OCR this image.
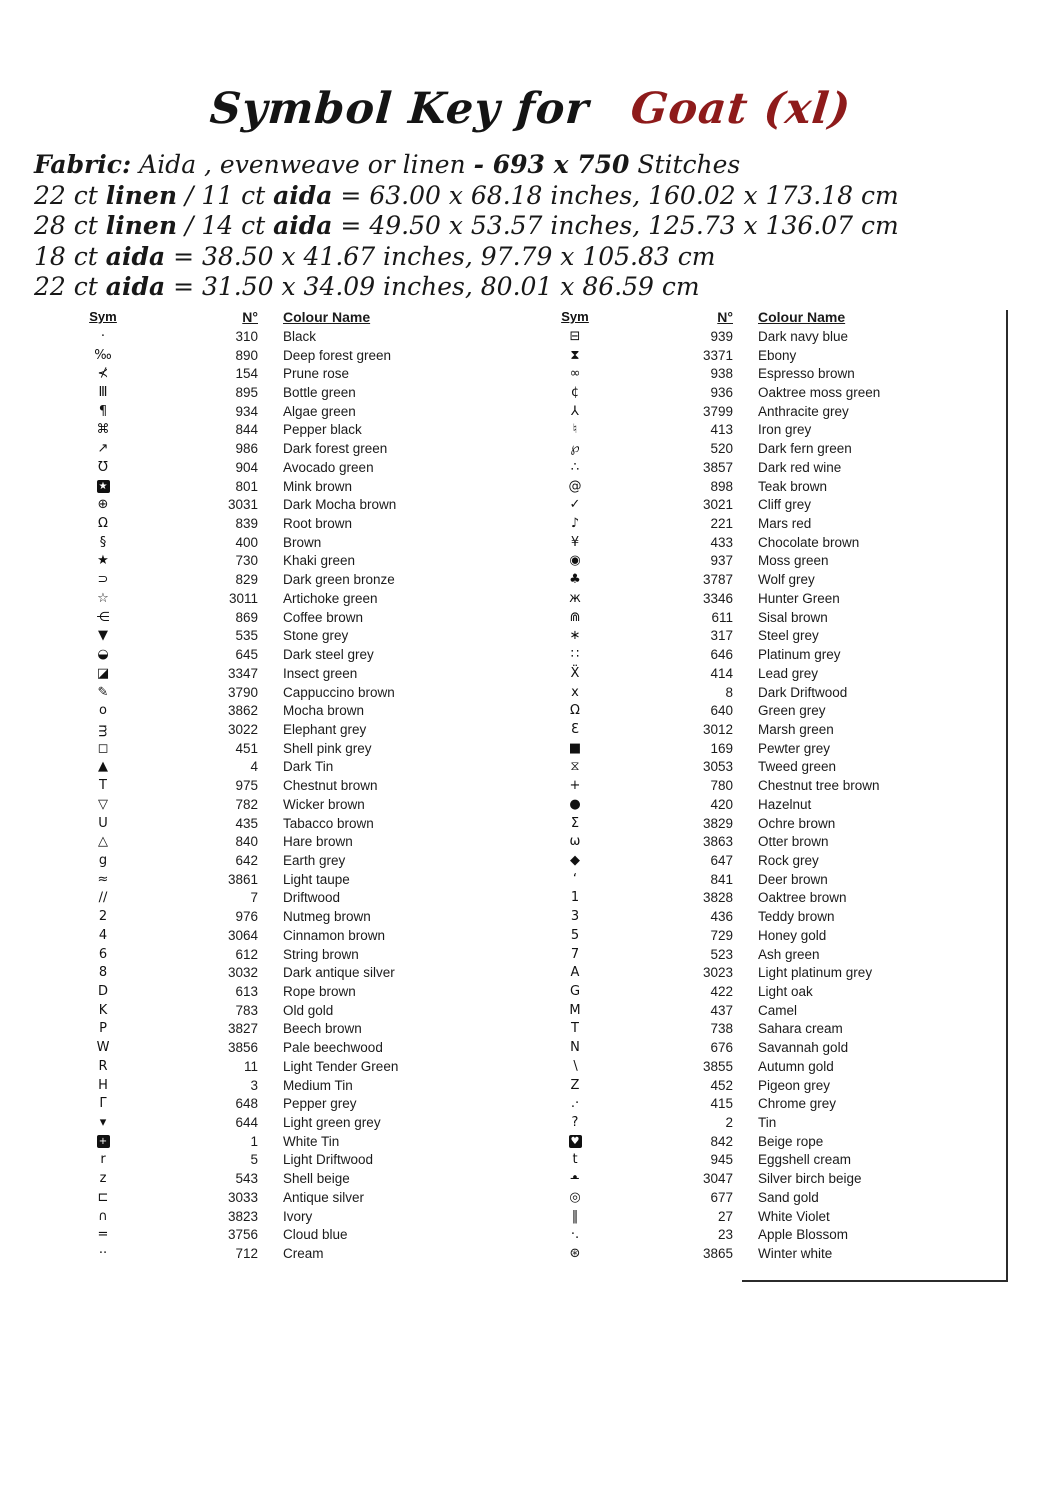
Symbol Key for Goat (xl)
Fabric: Aida , evenweave or linen - 693 x 750 Stitches
22 ct linen / 11 ct aida = 63.00 x 68.18 inches, 160.02 x 173.18 cm
28 ct linen / 14 ct aida = 49.50 x 53.57 inches, 125.73 x 136.07 cm
18 ct aida = 38.50 x 41.67 inches, 97.79 x 105.83 cm
22 ct aida = 31.50 x 34.09 inches, 80.01 x 86.59 cm
Sym	N°	Colour Name
·	310	Black
‰	890	Deep forest green
⊀	154	Prune rose
Ⅲ	895	Bottle green
¶	934	Algae green
⌘	844	Pepper black
↗	986	Dark forest green
Ʊ	904	Avocado green
★	801	Mink brown
⊕	3031	Dark Mocha brown
Ω	839	Root brown
§	400	Brown
★	730	Khaki green
⊃	829	Dark green bronze
☆	3011	Artichoke green
⋲	869	Coffee brown
▼	535	Stone grey
◒	645	Dark steel grey
◪	3347	Insect green
✎	3790	Cappuccino brown
o	3862	Mocha brown
ᴟ	3022	Elephant grey
◻	451	Shell pink grey
▲	4	Dark Tin
T	975	Chestnut brown
▽	782	Wicker brown
U	435	Tabacco brown
△	840	Hare brown
g	642	Earth grey
≈	3861	Light taupe
∕∕	7	Driftwood
2	976	Nutmeg brown
4	3064	Cinnamon brown
6	612	String brown
8	3032	Dark antique silver
D	613	Rope brown
K	783	Old gold
P	3827	Beech brown
W	3856	Pale beechwood
R	11	Light Tender Green
H	3	Medium Tin
Γ	648	Pepper grey
▾	644	Light green grey
+	1	White Tin
r	5	Light Driftwood
z	543	Shell beige
⊏	3033	Antique silver
∩	3823	Ivory
=	3756	Cloud blue
··	712	Cream
Sym	N°	Colour Name
⊟	939	Dark navy blue
⧗	3371	Ebony
∞	938	Espresso brown
¢	936	Oaktree moss green
⅄	3799	Anthracite grey
♮	413	Iron grey
℘	520	Dark fern green
∴	3857	Dark red wine
@	898	Teak brown
✓	3021	Cliff grey
♪	221	Mars red
¥	433	Chocolate brown
◉	937	Moss green
♣	3787	Wolf grey
ж	3346	Hunter Green
⋒	611	Sisal brown
∗	317	Steel grey
∷	646	Platinum grey
Ẍ	414	Lead grey
x	8	Dark Driftwood
Ω	640	Green grey
Ɛ	3012	Marsh green
■	169	Pewter grey
⧖	3053	Tweed green
+	780	Chestnut tree brown
●	420	Hazelnut
Σ	3829	Ochre brown
ω	3863	Otter brown
◆	647	Rock grey
‘	841	Deer brown
1	3828	Oaktree brown
3	436	Teddy brown
5	729	Honey gold
7	523	Ash green
A	3023	Light platinum grey
G	422	Light oak
M	437	Camel
T	738	Sahara cream
N	676	Savannah gold
∖	3855	Autumn gold
Z	452	Pigeon grey
.·	415	Chrome grey
?	2	Tin
♥	842	Beige rope
t	945	Eggshell cream
•̶	3047	Silver birch beige
◎	677	Sand gold
‖	27	White Violet
·.	23	Apple Blossom
⊛	3865	Winter white
